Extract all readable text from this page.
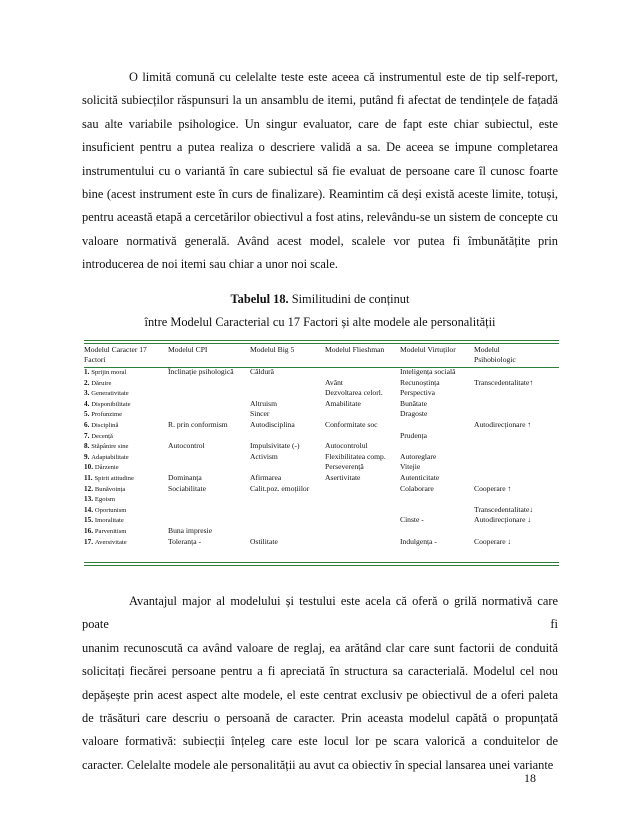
O limită comună cu celelalte teste este aceea că instrumentul este de tip self-report,
solicită subiecților răspunsuri la un ansamblu de itemi, putând fi afectat de tendințele de fațadă
sau alte variabile psihologice. Un singur evaluator, care de fapt este chiar subiectul, este
insuficient pentru a putea realiza o descriere validă a sa. De aceea se impune completarea
instrumentului cu o variantă în care subiectul să fie evaluat de persoane care îl cunosc foarte
bine (acest instrument este în curs de finalizare). Reamintim că deși există aceste limite, totuși,
pentru această etapă a cercetărilor obiectivul a fost atins, relevându-se un sistem de concepte cu
valoare normativă generală. Având acest model, scalele vor putea fi îmbunătățite prin
introducerea de noi itemi sau chiar a unor noi scale.
Tabelul 18. Similitudini de conținut
între Modelul Caracterial cu 17 Factori și alte modele ale personalității
Modelul Caracter 17
Factori	Modelul CPI	Modelul Big 5	Modelul Flieshman	Modelul Virtuților	Modelul
Psihobiologic
1. Sprijin moral	Înclinație psihologică	Căldură		Inteligența socială	
2. Dăruire			Avânt	Recunoștința	Transcedentalitate↑
3. Generativitate			Dezvoltarea celorl.	Perspectiva	
4. Disponibilitate		Altruism	Amabilitate	Bunătate	
5. Profunzime		Sincer		Dragoste	
6. Disciplină	R. prin conformism	Autodisciplina	Conformitate soc		Autodirecționare ↑
7. Decență				Prudența	
8. Stăpânire sine	Autocontrol	Impulsivitate (-)	Autocontrolul		
9. Adaptabilitate		Activism	Flexibilitatea comp.	Autoreglare	
10. Dârzenie			Perseverență	Vitejie	
11. Spirit atitudine	Dominanța	Afirmarea	Asertivitate	Autenticitate	
12. Bunăvoința	Sociabilitate	Calit.poz. emoțiilor		Colaborare	Cooperare ↑
13. Egoism					
14. Oportunism					Transcedentalitate↓
15. Imoralitate				Cinste -	Autodirecționare ↓
16. Parvenitism	Buna impresie				
17. Aversivitate	Toleranța -	Ostilitate		Indulgența -	Cooperare ↓
Avantajul major al modelului și testului este acela că oferă o grilă normativă care poate fi
unanim recunoscută ca având valoare de reglaj, ea arătând clar care sunt factorii de conduită
solicitați fiecărei persoane pentru a fi apreciată în structura sa caracterială. Modelul cel nou
depășește prin acest aspect alte modele, el este centrat exclusiv pe obiectivul de a oferi paleta
de trăsături care descriu o persoană de caracter. Prin aceasta modelul capătă o propunțată
valoare formativă: subiecții înțeleg care este locul lor pe scara valorică a conduitelor de
caracter. Celelalte modele ale personalității au avut ca obiectiv în special lansarea unei variante
18
